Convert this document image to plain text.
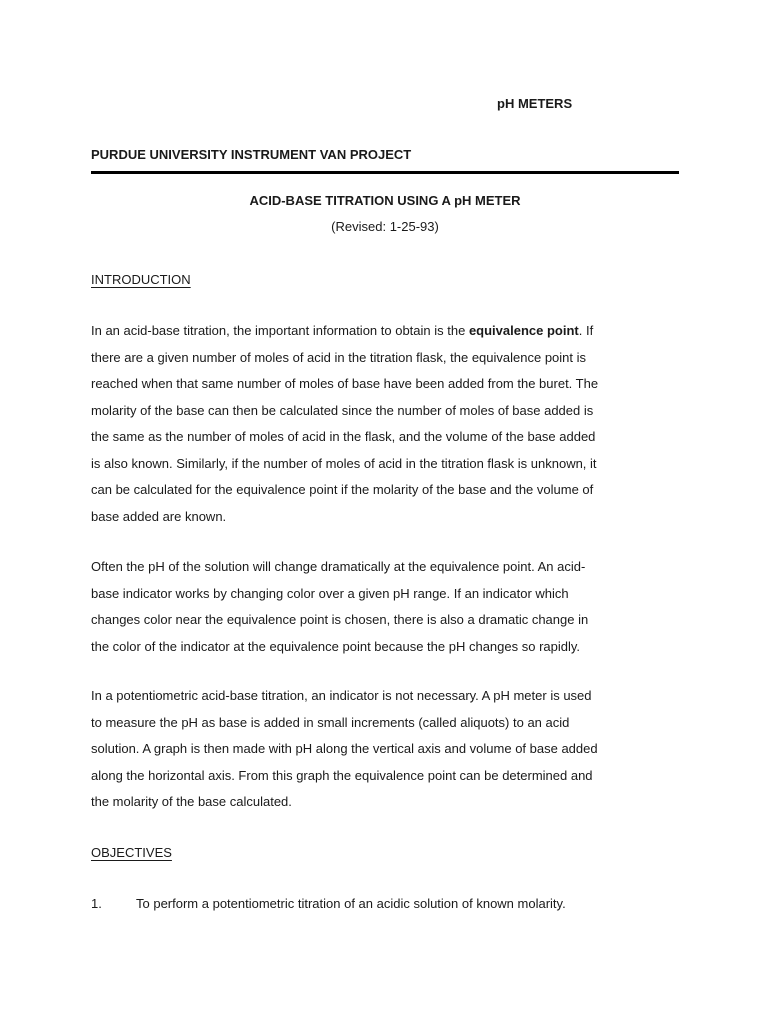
pH METERS
PURDUE UNIVERSITY INSTRUMENT VAN PROJECT
ACID-BASE TITRATION USING A pH METER
(Revised: 1-25-93)
INTRODUCTION
In an acid-base titration, the important information to obtain is the equivalence point. If
there are a given number of moles of acid in the titration flask, the equivalence point is
reached when that same number of moles of base have been added from the buret. The
molarity of the base can then be calculated since the number of moles of base added is
the same as the number of moles of acid in the flask, and the volume of the base added
is also known. Similarly, if the number of moles of acid in the titration flask is unknown, it
can be calculated for the equivalence point if the molarity of the base and the volume of
base added are known.
Often the pH of the solution will change dramatically at the equivalence point. An acid-
base indicator works by changing color over a given pH range. If an indicator which
changes color near the equivalence point is chosen, there is also a dramatic change in
the color of the indicator at the equivalence point because the pH changes so rapidly.
In a potentiometric acid-base titration, an indicator is not necessary. A pH meter is used
to measure the pH as base is added in small increments (called aliquots) to an acid
solution. A graph is then made with pH along the vertical axis and volume of base added
along the horizontal axis. From this graph the equivalence point can be determined and
the molarity of the base calculated.
OBJECTIVES
1.	To perform a potentiometric titration of an acidic solution of known molarity.
